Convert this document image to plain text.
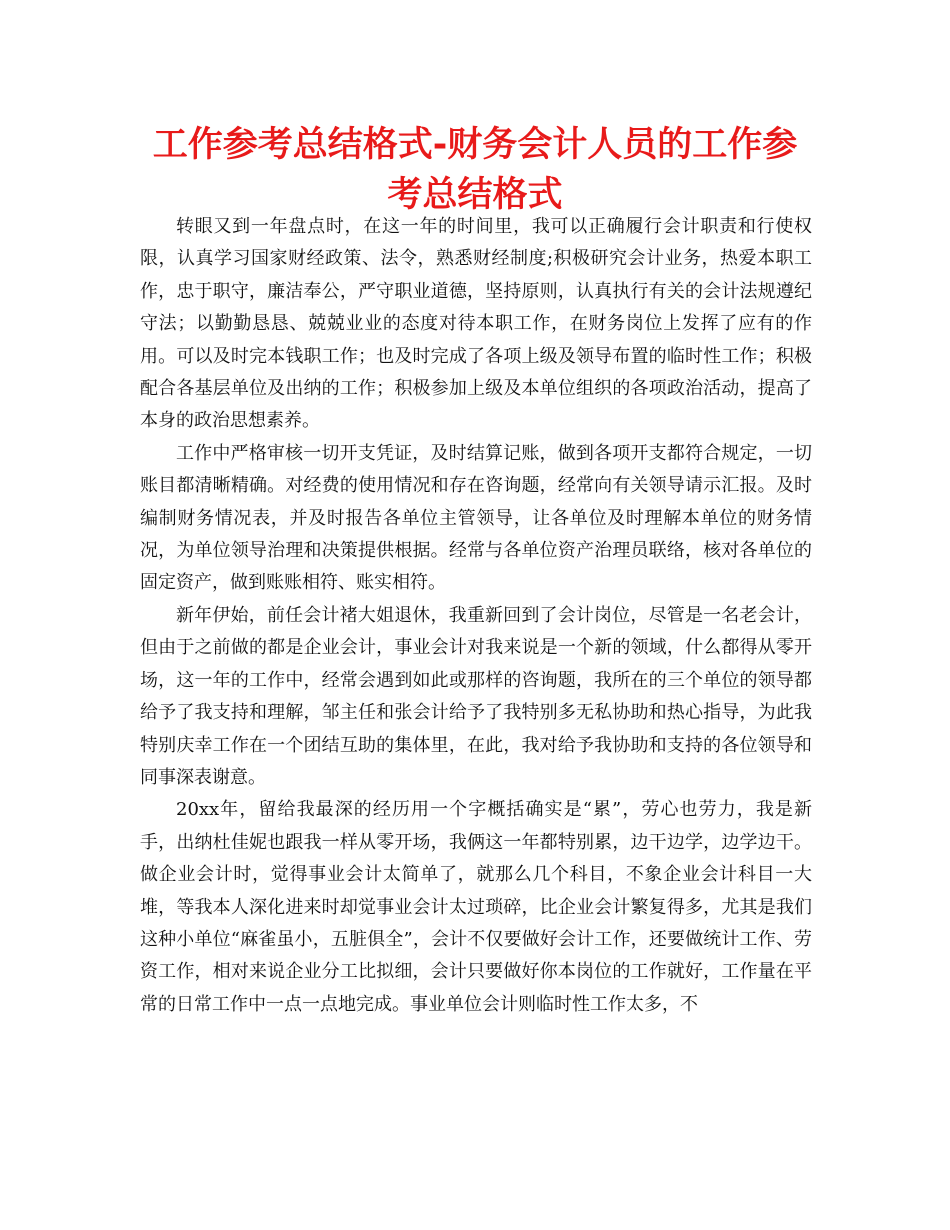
工作参考总结格式-财务会计人员的工作参考总结格式

转眼又到一年盘点时，在这一年的时间里，我可以正确履行会计职责和行使权限，认真学习国家财经政策、法令，熟悉财经制度;积极研究会计业务，热爱本职工作，忠于职守，廉洁奉公，严守职业道德，坚持原则，认真执行有关的会计法规遵纪守法；以勤勤恳恳、兢兢业业的态度对待本职工作，在财务岗位上发挥了应有的作用。可以及时完本钱职工作；也及时完成了各项上级及领导布置的临时性工作；积极配合各基层单位及出纳的工作；积极参加上级及本单位组织的各项政治活动，提高了本身的政治思想素养。

工作中严格审核一切开支凭证，及时结算记账，做到各项开支都符合规定，一切账目都清晰精确。对经费的使用情况和存在咨询题，经常向有关领导请示汇报。及时编制财务情况表，并及时报告各单位主管领导，让各单位及时理解本单位的财务情况，为单位领导治理和决策提供根据。经常与各单位资产治理员联络，核对各单位的固定资产，做到账账相符、账实相符。

新年伊始，前任会计褚大姐退休，我重新回到了会计岗位，尽管是一名老会计，但由于之前做的都是企业会计，事业会计对我来说是一个新的领域，什么都得从零开场，这一年的工作中，经常会遇到如此或那样的咨询题，我所在的三个单位的领导都给予了我支持和理解，邹主任和张会计给予了我特别多无私协助和热心指导，为此我特别庆幸工作在一个团结互助的集体里，在此，我对给予我协助和支持的各位领导和同事深表谢意。

20xx年，留给我最深的经历用一个字概括确实是“累”，劳心也劳力，我是新手，出纳杜佳妮也跟我一样从零开场，我俩这一年都特别累，边干边学，边学边干。做企业会计时，觉得事业会计太简单了，就那么几个科目，不象企业会计科目一大堆，等我本人深化进来时却觉事业会计太过琐碎，比企业会计繁复得多，尤其是我们这种小单位“麻雀虽小，五脏俱全”，会计不仅要做好会计工作，还要做统计工作、劳资工作，相对来说企业分工比拟细，会计只要做好你本岗位的工作就好，工作量在平常的日常工作中一点一点地完成。事业单位会计则临时性工作太多，不
